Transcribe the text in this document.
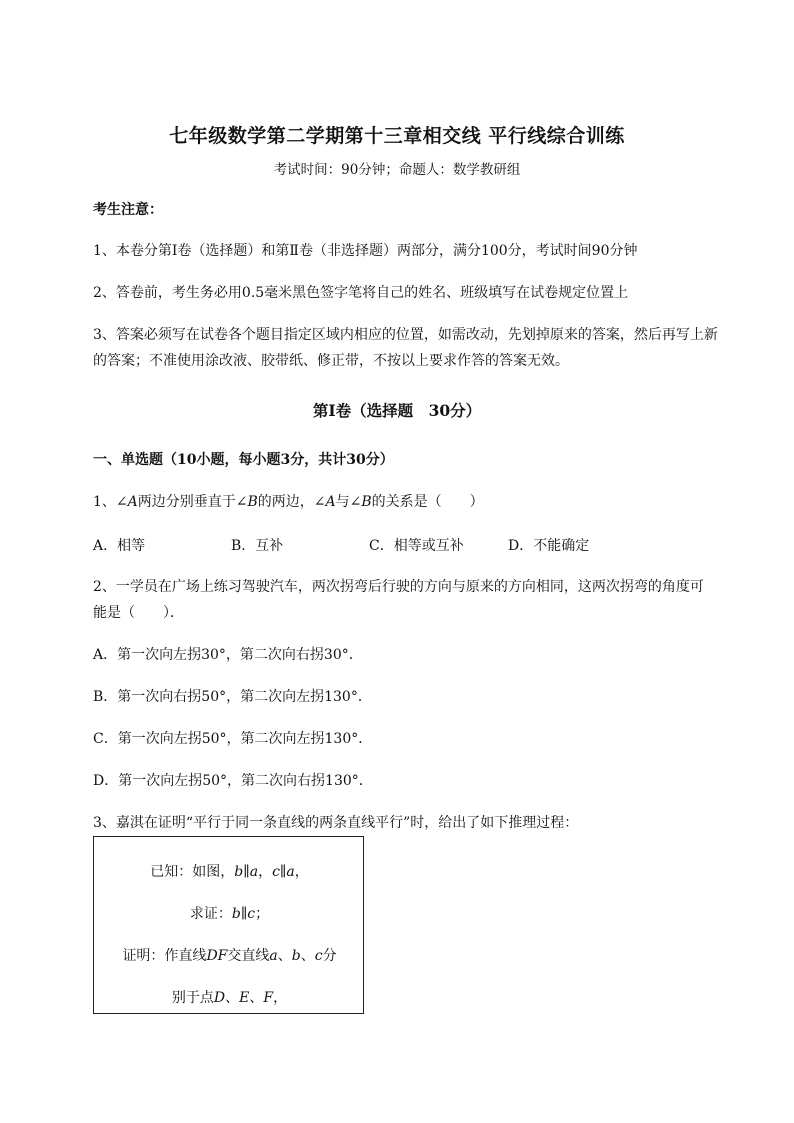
七年级数学第二学期第十三章相交线 平行线综合训练
考试时间：90分钟；命题人：数学教研组
考生注意：
1、本卷分第Ⅰ卷（选择题）和第Ⅱ卷（非选择题）两部分，满分100分，考试时间90分钟
2、答卷前，考生务必用0.5毫米黑色签字笔将自己的姓名、班级填写在试卷规定位置上
3、答案必须写在试卷各个题目指定区域内相应的位置，如需改动，先划掉原来的答案，然后再写上新
的答案；不准使用涂改液、胶带纸、修正带，不按以上要求作答的答案无效。
第Ⅰ卷（选择题　30分）
一、单选题（10小题，每小题3分，共计30分）
1、∠A两边分别垂直于∠B的两边，∠A与∠B的关系是（　　）
A．相等	B．互补	C．相等或互补	D．不能确定
2、一学员在广场上练习驾驶汽车，两次拐弯后行驶的方向与原来的方向相同，这两次拐弯的角度可
能是（　　）．
A．第一次向左拐30°，第二次向右拐30°．
B．第一次向右拐50°，第二次向左拐130°．
C．第一次向左拐50°，第二次向左拐130°．
D．第一次向左拐50°，第二次向右拐130°．
3、嘉淇在证明“平行于同一条直线的两条直线平行”时，给出了如下推理过程：
已知：如图，b∥a，c∥a，
求证：b∥c；
证明：作直线DF交直线a、b、c分
别于点D、E、F，
